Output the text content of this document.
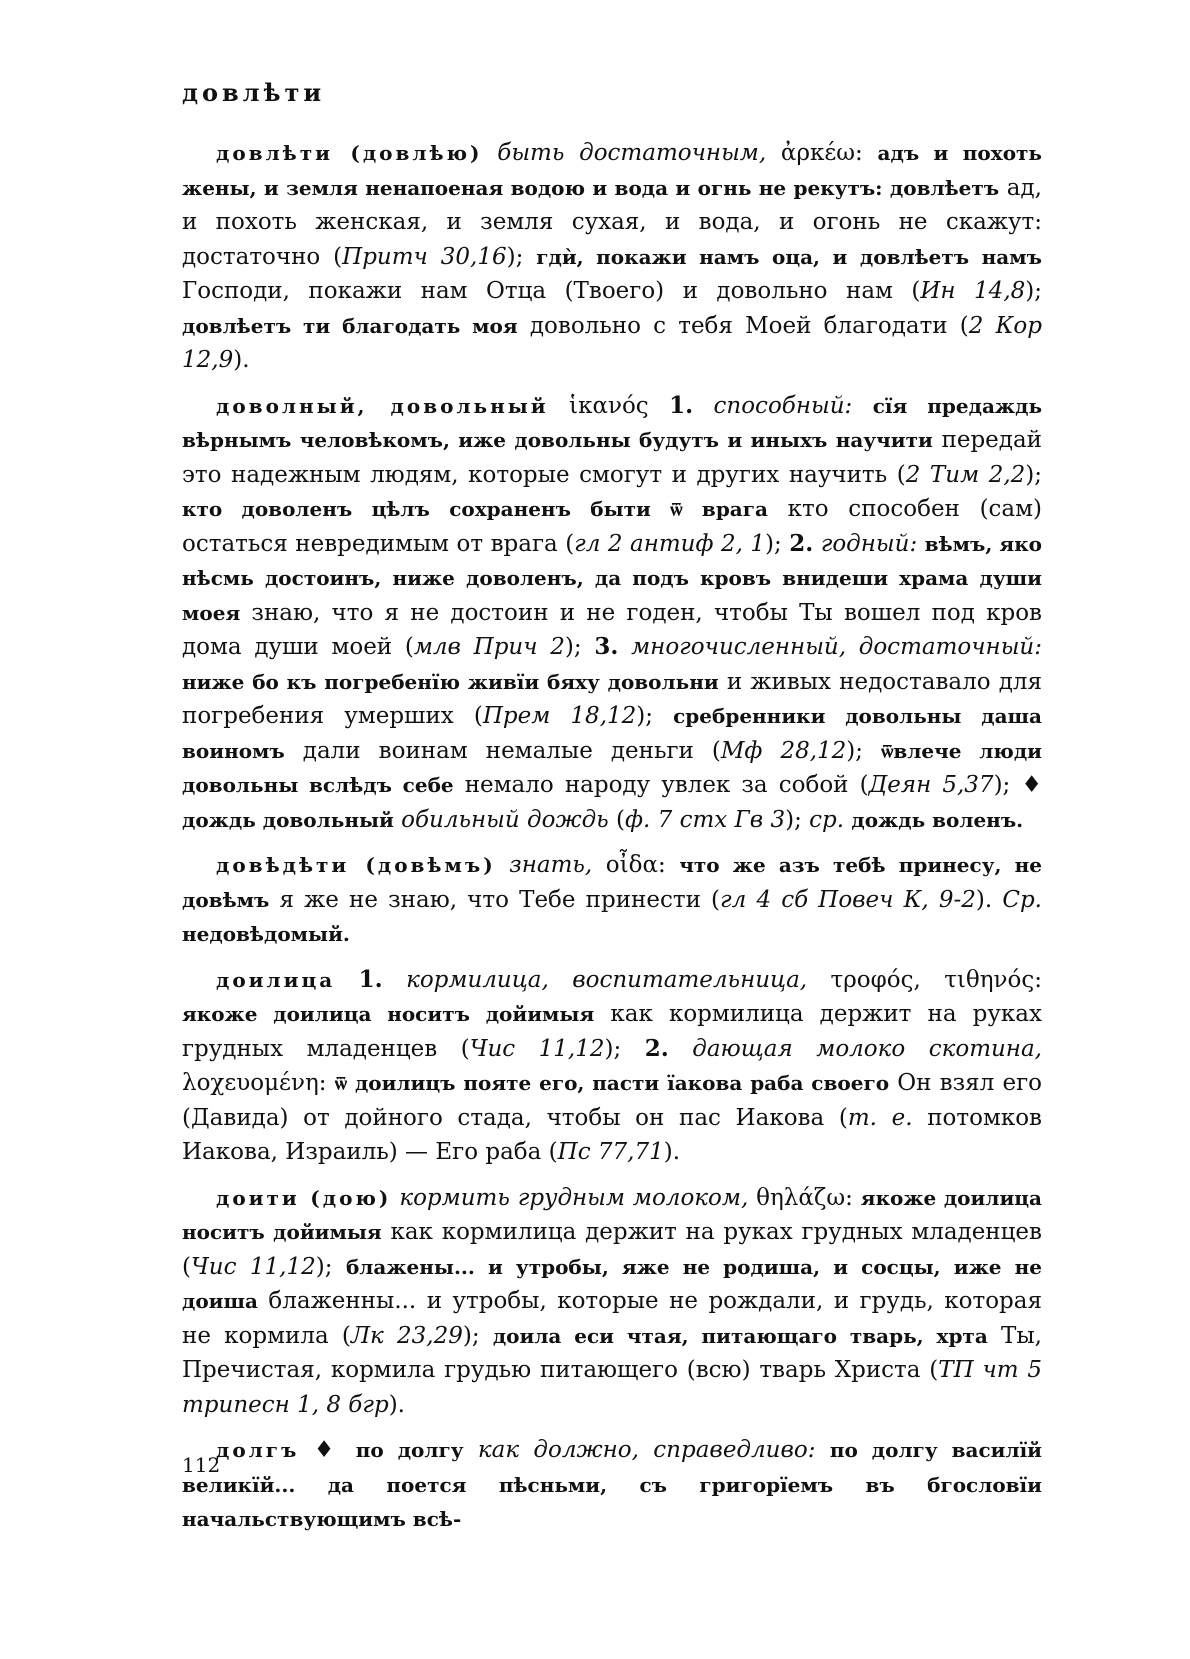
довлѣти

довлѣти (довлѣю) быть достаточным, ἀρκέω: адъ и похоть жены, и земля ненапоеная водою и вода и огнь не рекутъ: довлѣетъ ад, и похоть женская, и земля сухая, и вода, и огонь не скажут: достаточно (Притч 30,16); гдѝ, покажи намъ оца, и довлѣетъ намъ Господи, покажи нам Отца (Твоего) и довольно нам (Ин 14,8); довлѣетъ ти благодать моя довольно с тебя Моей благодати (2 Кор 12,9).

доволный, довольный ἱκανός 1. способный: сїя предаждь вѣрнымъ человѣкомъ, иже довольны будутъ и иныхъ научити передай это надежным людям, которые смогут и других научить (2 Тим 2,2); кто доволенъ цѣлъ сохраненъ быти ѿ врага кто способен (сам) остаться невредимым от врага (гл 2 антиф 2, 1); 2. годный: вѣмъ, яко нѣсмь достоинъ, ниже доволенъ, да подъ кровъ внидеши храма души моея знаю, что я не достоин и не годен, чтобы Ты вошел под кров дома души моей (млв Прич 2); 3. многочисленный, достаточный: ниже бо къ погребенїю живїи бяху довольни и живых недоставало для погребения умерших (Прем 18,12); сребренники довольны даша воиномъ дали воинам немалые деньги (Мф 28,12); ѿвлече люди довольны вслѣдъ себе немало народу увлек за собой (Деян 5,37); ♦ дождь довольный обильный дождь (ф. 7 стх Гв 3); ср. дождь воленъ.

довѣдѣти (довѣмъ) знать, οἶδα: что же азъ тебѣ принесу, не довѣмъ я же не знаю, что Тебе принести (гл 4 сб Повеч К, 9-2). Ср. недовѣдомый.

доилица 1. кормилица, воспитательница, τροφός, τιθηνός: якоже доилица носитъ дойимыя как кормилица держит на руках грудных младенцев (Чис 11,12); 2. дающая молоко скотина, λοχευομένη: ѿ доилицъ пояте его, пасти їакова раба своего Он взял его (Давида) от дойного стада, чтобы он пас Иакова (т. е. потомков Иакова, Израиль) — Его раба (Пс 77,71).

доити (дою) кормить грудным молоком, θηλάζω: якоже доилица носитъ дойимыя как кормилица держит на руках грудных младенцев (Чис 11,12); блажены... и утробы, яже не родиша, и сосцы, иже не доиша блаженны... и утробы, которые не рождали, и грудь, которая не кормила (Лк 23,29); доила еси чтая, питающаго тварь, хрта Ты, Пречистая, кормила грудью питающего (всю) тварь Христа (ТП чт 5 трипесн 1, 8 бгр).

долгъ ♦ по долгу как должно, справедливо: по долгу василїй великїй... да поется пѣсньми, съ григорїемъ въ бгословїи начальствующимъ всѣ-

112
